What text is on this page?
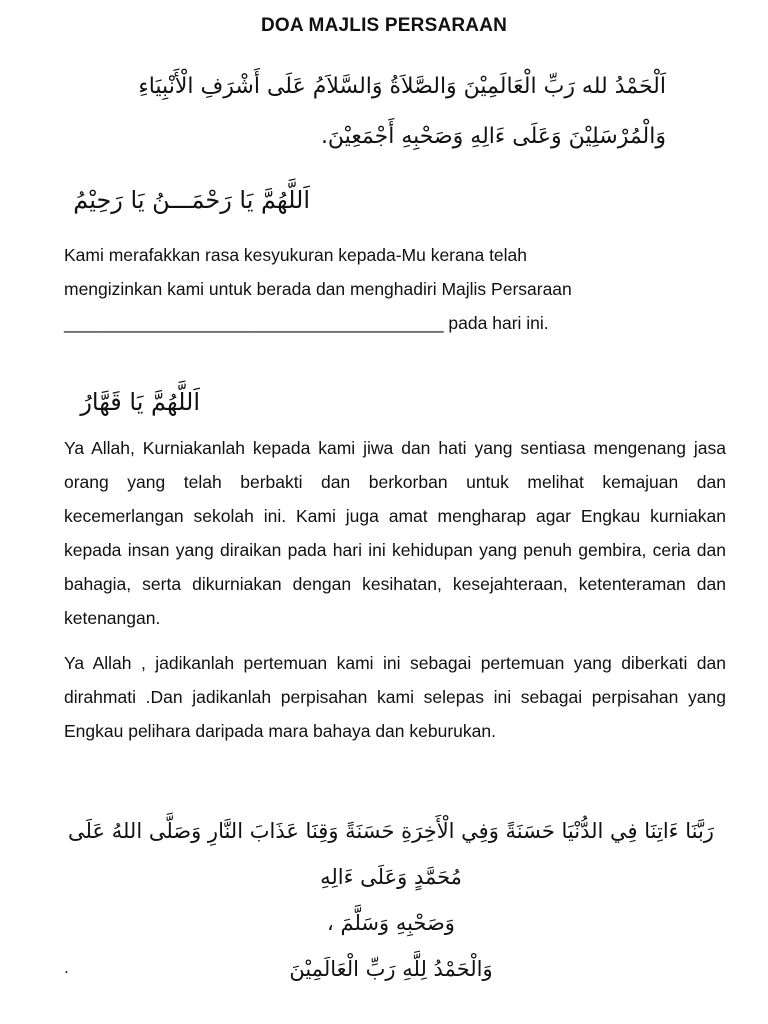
DOA MAJLIS PERSARAAN
اَلْحَمْدُ لله رَبِّ الْعَالَمِيْنَ وَالصَّلاَةُ وَالسَّلاَمُ عَلَى أَشْرَفِ الْأَنْبِيَاءِ
وَالْمُرْسَلِيْنَ وَعَلَى ءَالِهِ وَصَحْبِهِ أَجْمَعِيْنَ.
اَللَّهُمَّ يَا رَحْمَـــنُ يَا رَحِيْمُ
Kami merafakkan rasa kesyukuran kepada-Mu kerana telah
mengizinkan kami untuk berada dan menghadiri Majlis Persaraan
_______________________________________ pada hari ini.
اَللَّهُمَّ يَا قَهَّارُ
Ya Allah, Kurniakanlah kepada kami jiwa dan hati yang sentiasa mengenang jasa orang yang telah berbakti dan berkorban untuk melihat kemajuan dan kecemerlangan sekolah ini. Kami juga amat mengharap agar Engkau kurniakan kepada insan yang diraikan pada hari ini kehidupan yang penuh gembira, ceria dan bahagia, serta dikurniakan dengan kesihatan, kesejahteraan, ketenteraman dan ketenangan.
Ya Allah , jadikanlah pertemuan kami ini sebagai pertemuan yang diberkati dan dirahmati .Dan jadikanlah perpisahan kami selepas ini sebagai perpisahan yang Engkau pelihara daripada mara bahaya dan keburukan.
رَبَّنَا ءَاتِنَا فِي الدُّنْيَا حَسَنَةً وَفِي الْأَخِرَةِ حَسَنَةً وَقِنَا عَذَابَ النَّارِ وَصَلَّى اللهُ عَلَى مُحَمَّدٍ وَعَلَى ءَالِهِ
وَصَحْبِهِ وَسَلَّمَ ،
وَالْحَمْدُ لِلَّهِ رَبِّ الْعَالَمِيْنَ
.
